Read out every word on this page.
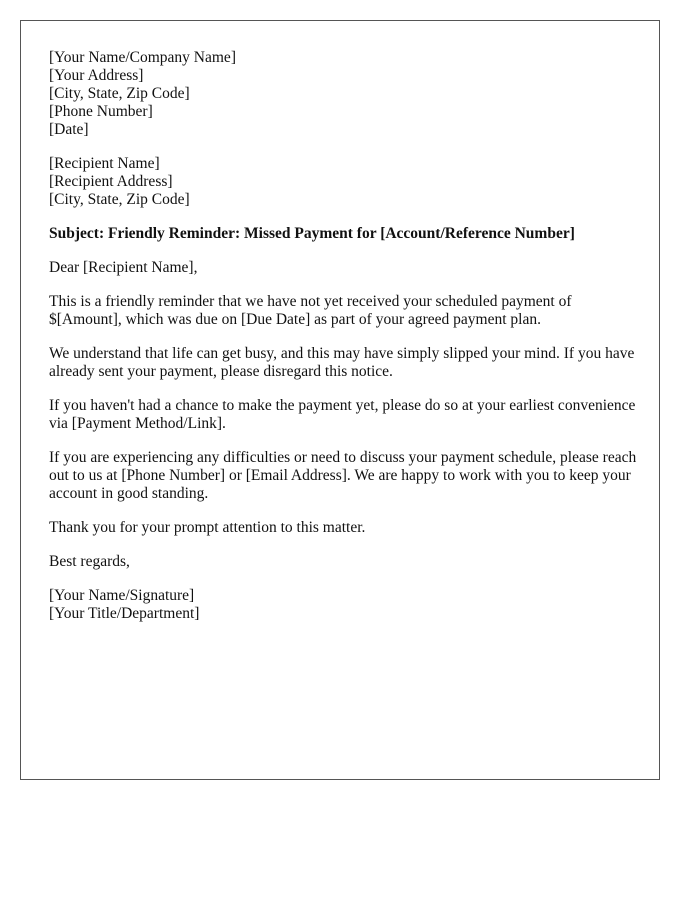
[Your Name/Company Name]
[Your Address]
[City, State, Zip Code]
[Phone Number]
[Date]
[Recipient Name]
[Recipient Address]
[City, State, Zip Code]

Subject: Friendly Reminder: Missed Payment for [Account/Reference Number]

Dear [Recipient Name],

This is a friendly reminder that we have not yet received your scheduled payment of $[Amount], which was due on [Due Date] as part of your agreed payment plan.

We understand that life can get busy, and this may have simply slipped your mind. If you have already sent your payment, please disregard this notice.

If you haven't had a chance to make the payment yet, please do so at your earliest convenience via [Payment Method/Link].

If you are experiencing any difficulties or need to discuss your payment schedule, please reach out to us at [Phone Number] or [Email Address]. We are happy to work with you to keep your account in good standing.

Thank you for your prompt attention to this matter.

Best regards,

[Your Name/Signature]
[Your Title/Department]
